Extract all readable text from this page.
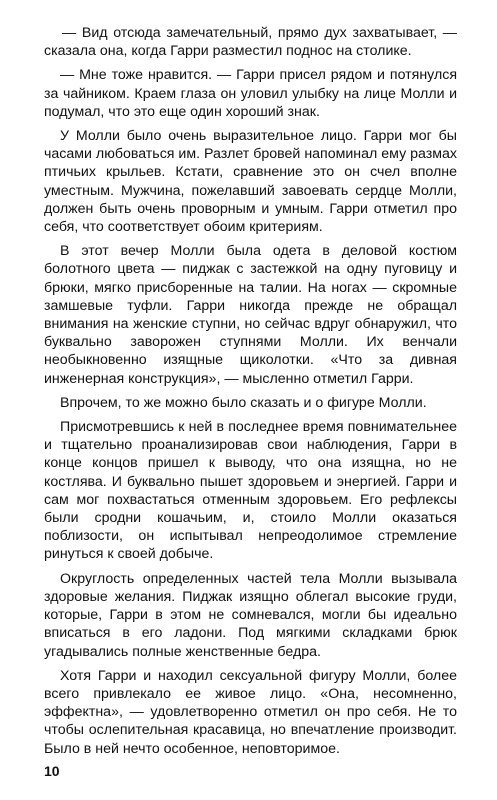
— Вид отсюда замечательный, прямо дух захватывает, — сказала она, когда Гарри разместил поднос на столике.

— Мне тоже нравится. — Гарри присел рядом и потянулся за чайником. Краем глаза он уловил улыбку на лице Молли и подумал, что это еще один хороший знак.

У Молли было очень выразительное лицо. Гарри мог бы часами любоваться им. Разлет бровей напоминал ему размах птичьих крыльев. Кстати, сравнение это он счел вполне уместным. Мужчина, пожелавший завоевать сердце Молли, должен быть очень проворным и умным. Гарри отметил про себя, что соответствует обоим критериям.

В этот вечер Молли была одета в деловой костюм болотного цвета — пиджак с застежкой на одну пуговицу и брюки, мягко присборенные на талии. На ногах — скромные замшевые туфли. Гарри никогда прежде не обращал внимания на женские ступни, но сейчас вдруг обнаружил, что буквально заворожен ступнями Молли. Их венчали необыкновенно изящные щиколотки. «Что за дивная инженерная конструкция», — мысленно отметил Гарри.

Впрочем, то же можно было сказать и о фигуре Молли.

Присмотревшись к ней в последнее время повнимательнее и тщательно проанализировав свои наблюдения, Гарри в конце концов пришел к выводу, что она изящна, но не костлява. И буквально пышет здоровьем и энергией. Гарри и сам мог похвастаться отменным здоровьем. Его рефлексы были сродни кошачьим, и, стоило Молли оказаться поблизости, он испытывал непреодолимое стремление ринуться к своей добыче.

Округлость определенных частей тела Молли вызывала здоровые желания. Пиджак изящно облегал высокие груди, которые, Гарри в этом не сомневался, могли бы идеально вписаться в его ладони. Под мягкими складками брюк угадывались полные женственные бедра.

Хотя Гарри и находил сексуальной фигуру Молли, более всего привлекало ее живое лицо. «Она, несомненно, эффектна», — удовлетворенно отметил он про себя. Не то чтобы ослепительная красавица, но впечатление производит. Было в ней нечто особенное, неповторимое.

10
